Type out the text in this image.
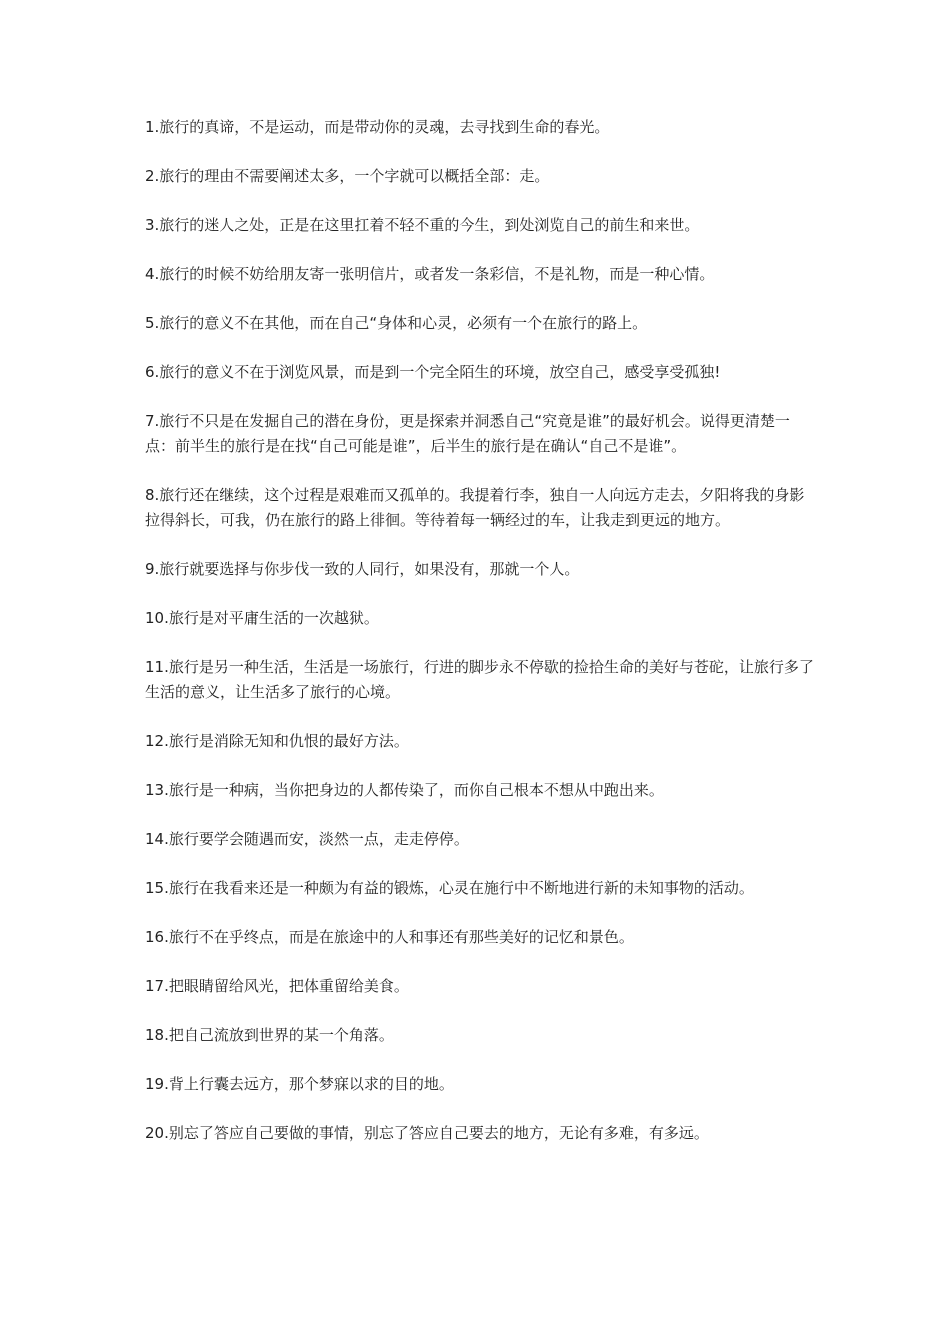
1.旅行的真谛，不是运动，而是带动你的灵魂，去寻找到生命的春光。

2.旅行的理由不需要阐述太多，一个字就可以概括全部：走。

3.旅行的迷人之处，正是在这里扛着不轻不重的今生，到处浏览自己的前生和来世。

4.旅行的时候不妨给朋友寄一张明信片，或者发一条彩信，不是礼物，而是一种心情。

5.旅行的意义不在其他，而在自己“身体和心灵，必须有一个在旅行的路上。

6.旅行的意义不在于浏览风景，而是到一个完全陌生的环境，放空自己，感受享受孤独!

7.旅行不只是在发掘自己的潜在身份，更是探索并洞悉自己“究竟是谁”的最好机会。说得更清楚一点：前半生的旅行是在找“自己可能是谁”，后半生的旅行是在确认“自己不是谁”。

8.旅行还在继续，这个过程是艰难而又孤单的。我提着行李，独自一人向远方走去，夕阳将我的身影拉得斜长，可我，仍在旅行的路上徘徊。等待着每一辆经过的车，让我走到更远的地方。

9.旅行就要选择与你步伐一致的人同行，如果没有，那就一个人。

10.旅行是对平庸生活的一次越狱。

11.旅行是另一种生活，生活是一场旅行，行进的脚步永不停歇的捡拾生命的美好与苍砣，让旅行多了生活的意义，让生活多了旅行的心境。

12.旅行是消除无知和仇恨的最好方法。

13.旅行是一种病，当你把身边的人都传染了，而你自己根本不想从中跑出来。

14.旅行要学会随遇而安，淡然一点，走走停停。

15.旅行在我看来还是一种颇为有益的锻炼，心灵在施行中不断地进行新的未知事物的活动。

16.旅行不在乎终点，而是在旅途中的人和事还有那些美好的记忆和景色。

17.把眼睛留给风光，把体重留给美食。

18.把自己流放到世界的某一个角落。

19.背上行囊去远方，那个梦寐以求的目的地。

20.别忘了答应自己要做的事情，别忘了答应自己要去的地方，无论有多难，有多远。
